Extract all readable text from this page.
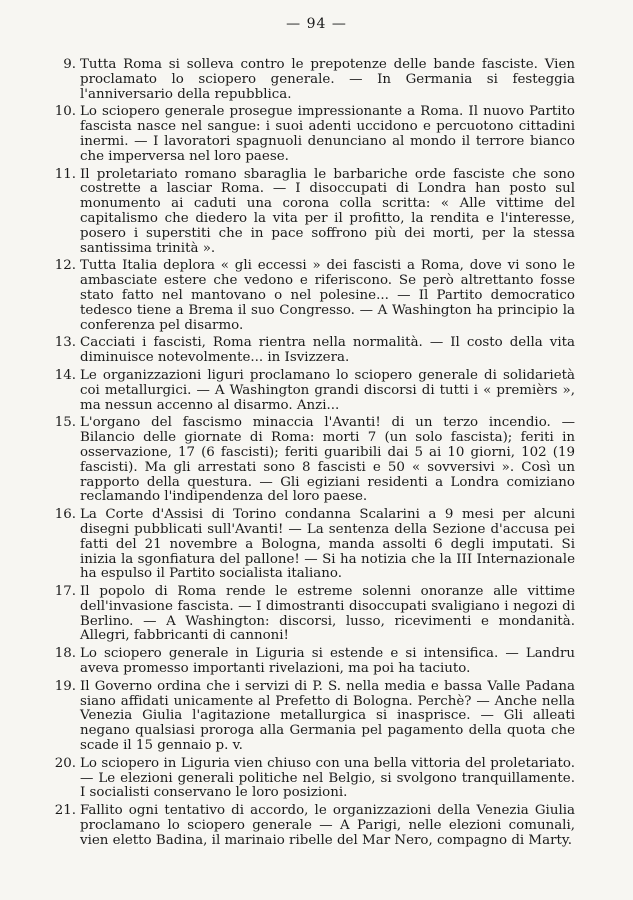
— 94 —
9. Tutta Roma si solleva contro le prepotenze delle bande fasciste. Vien proclamato lo sciopero generale. — In Germania si festeggia l'anniversario della repubblica.

10. Lo sciopero generale prosegue impressionante a Roma. Il nuovo Partito fascista nasce nel sangue: i suoi adenti uccidono e percuotono cittadini inermi. — I lavoratori spagnuoli denunciano al mondo il terrore bianco che imperversa nel loro paese.

11. Il proletariato romano sbaraglia le barbariche orde fasciste che sono costrette a lasciar Roma. — I disoccupati di Londra han posto sul monumento ai caduti una corona colla scritta: « Alle vittime del capitalismo che diedero la vita per il profitto, la rendita e l'interesse, posero i superstiti che in pace soffrono più dei morti, per la stessa santissima trinità ».

12. Tutta Italia deplora « gli eccessi » dei fascisti a Roma, dove vi sono le ambasciate estere che vedono e riferiscono. Se però altrettanto fosse stato fatto nel mantovano o nel polesine... — Il Partito democratico tedesco tiene a Brema il suo Congresso. — A Washington ha principio la conferenza pel disarmo.

13. Cacciati i fascisti, Roma rientra nella normalità. — Il costo della vita diminuisce notevolmente... in Isvizzera.

14. Le organizzazioni liguri proclamano lo sciopero generale di solidarietà coi metallurgici. — A Washington grandi discorsi di tutti i « premièrs », ma nessun accenno al disarmo. Anzi...

15. L'organo del fascismo minaccia l'Avanti! di un terzo incendio. — Bilancio delle giornate di Roma: morti 7 (un solo fascista); feriti in osservazione, 17 (6 fascisti); feriti guaribili dai 5 ai 10 giorni, 102 (19 fascisti). Ma gli arrestati sono 8 fascisti e 50 « sovversivi ». Così un rapporto della questura. — Gli egiziani residenti a Londra comiziano reclamando l'indipendenza del loro paese.

16. La Corte d'Assisi di Torino condanna Scalarini a 9 mesi per alcuni disegni pubblicati sull'Avanti! — La sentenza della Sezione d'accusa pei fatti del 21 novembre a Bologna, manda assolti 6 degli imputati. Si inizia la sgonfiatura del pallone! — Si ha notizia che la III Internazionale ha espulso il Partito socialista italiano.

17. Il popolo di Roma rende le estreme solenni onoranze alle vittime dell'invasione fascista. — I dimostranti disoccupati svaligiano i negozi di Berlino. — A Washington: discorsi, lusso, ricevimenti e mondanità. Allegri, fabbricanti di cannoni!

18. Lo sciopero generale in Liguria si estende e si intensifica. — Landru aveva promesso importanti rivelazioni, ma poi ha taciuto.

19. Il Governo ordina che i servizi di P. S. nella media e bassa Valle Padana siano affidati unicamente al Prefetto di Bologna. Perchè? — Anche nella Venezia Giulia l'agitazione metallurgica si inasprisce. — Gli alleati negano qualsiasi proroga alla Germania pel pagamento della quota che scade il 15 gennaio p. v.

20. Lo sciopero in Liguria vien chiuso con una bella vittoria del proletariato. — Le elezioni generali politiche nel Belgio, si svolgono tranquillamente. I socialisti conservano le loro posizioni.

21. Fallito ogni tentativo di accordo, le organizzazioni della Venezia Giulia proclamano lo sciopero generale — A Parigi, nelle elezioni comunali, vien eletto Badina, il marinaio ribelle del Mar Nero, compagno di Marty.
